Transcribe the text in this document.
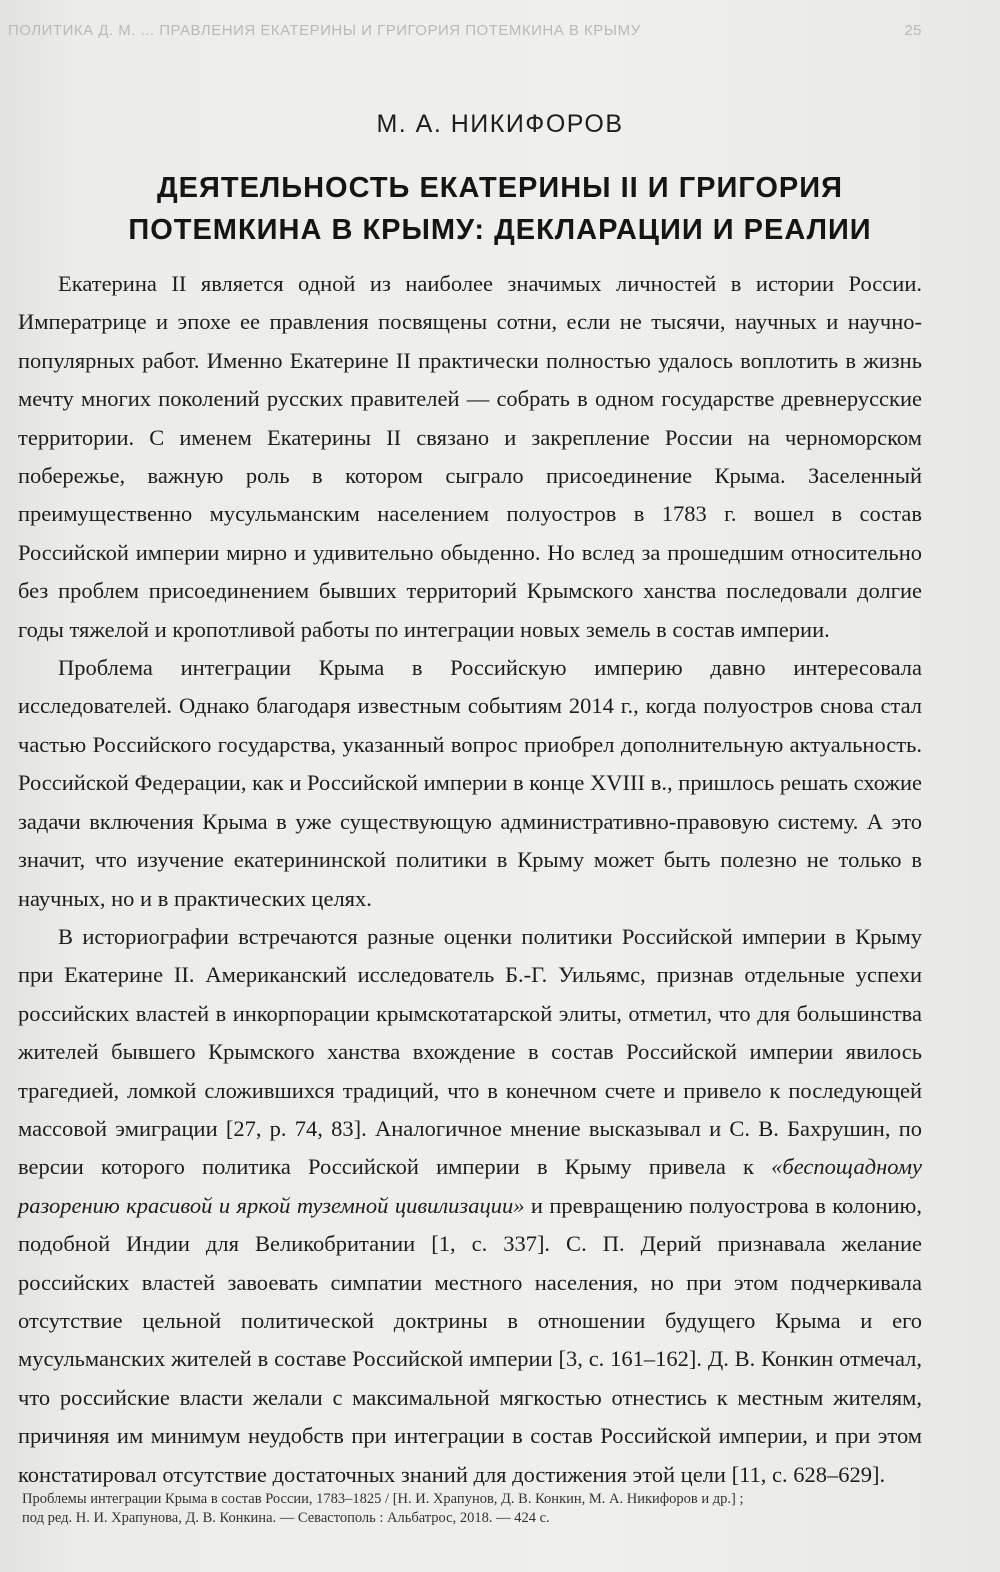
ПОЛИТИКА Д. М. ... ПРАВЛЕНИЯ ЕКАТЕРИНЫ И ГРИГОРИЯ ПОТЕМКИНА В КРЫМУ	25
М. А. НИКИФОРОВ
ДЕЯТЕЛЬНОСТЬ ЕКАТЕРИНЫ II И ГРИГОРИЯ
ПОТЕМКИНА В КРЫМУ: ДЕКЛАРАЦИИ И РЕАЛИИ

Екатерина II является одной из наиболее значимых личностей в истории России. Императрице и эпохе ее правления посвящены сотни, если не тысячи, научных и научно-популярных работ. Именно Екатерине II практически полностью удалось воплотить в жизнь мечту многих поколений русских правителей — собрать в одном государстве древнерусские территории. С именем Екатерины II связано и закрепление России на черноморском побережье, важную роль в котором сыграло присоединение Крыма. Заселенный преимущественно мусульманским населением полуостров в 1783 г. вошел в состав Российской империи мирно и удивительно обыденно. Но вслед за прошедшим относительно без проблем присоединением бывших территорий Крымского ханства последовали долгие годы тяжелой и кропотливой работы по интеграции новых земель в состав империи.

Проблема интеграции Крыма в Российскую империю давно интересовала исследователей. Однако благодаря известным событиям 2014 г., когда полуостров снова стал частью Российского государства, указанный вопрос приобрел дополнительную актуальность. Российской Федерации, как и Российской империи в конце XVIII в., пришлось решать схожие задачи включения Крыма в уже существующую административно-правовую систему. А это значит, что изучение екатерининской политики в Крыму может быть полезно не только в научных, но и в практических целях.

В историографии встречаются разные оценки политики Российской империи в Крыму при Екатерине II. Американский исследователь Б.-Г. Уильямс, признав отдельные успехи российских властей в инкорпорации крымскотатарской элиты, отметил, что для большинства жителей бывшего Крымского ханства вхождение в состав Российской империи явилось трагедией, ломкой сложившихся традиций, что в конечном счете и привело к последующей массовой эмиграции [27, p. 74, 83]. Аналогичное мнение высказывал и С. В. Бахрушин, по версии которого политика Российской империи в Крыму привела к «беспощадному разорению красивой и яркой туземной цивилизации» и превращению полуострова в колонию, подобной Индии для Великобритании [1, с. 337]. С. П. Дерий признавала желание российских властей завоевать симпатии местного населения, но при этом подчеркивала отсутствие цельной политической доктрины в отношении будущего Крыма и его мусульманских жителей в составе Российской империи [3, с. 161–162]. Д. В. Конкин отмечал, что российские власти желали с максимальной мягкостью отнестись к местным жителям, причиняя им минимум неудобств при интеграции в состав Российской империи, и при этом констатировал отсутствие достаточных знаний для достижения этой цели [11, с. 628–629].

Проблемы интеграции Крыма в состав России, 1783–1825 / [Н. И. Храпунов, Д. В. Конкин, М. А. Никифоров и др.] ;
под ред. Н. И. Храпунова, Д. В. Конкина. — Севастополь : Альбатрос, 2018. — 424 с.
